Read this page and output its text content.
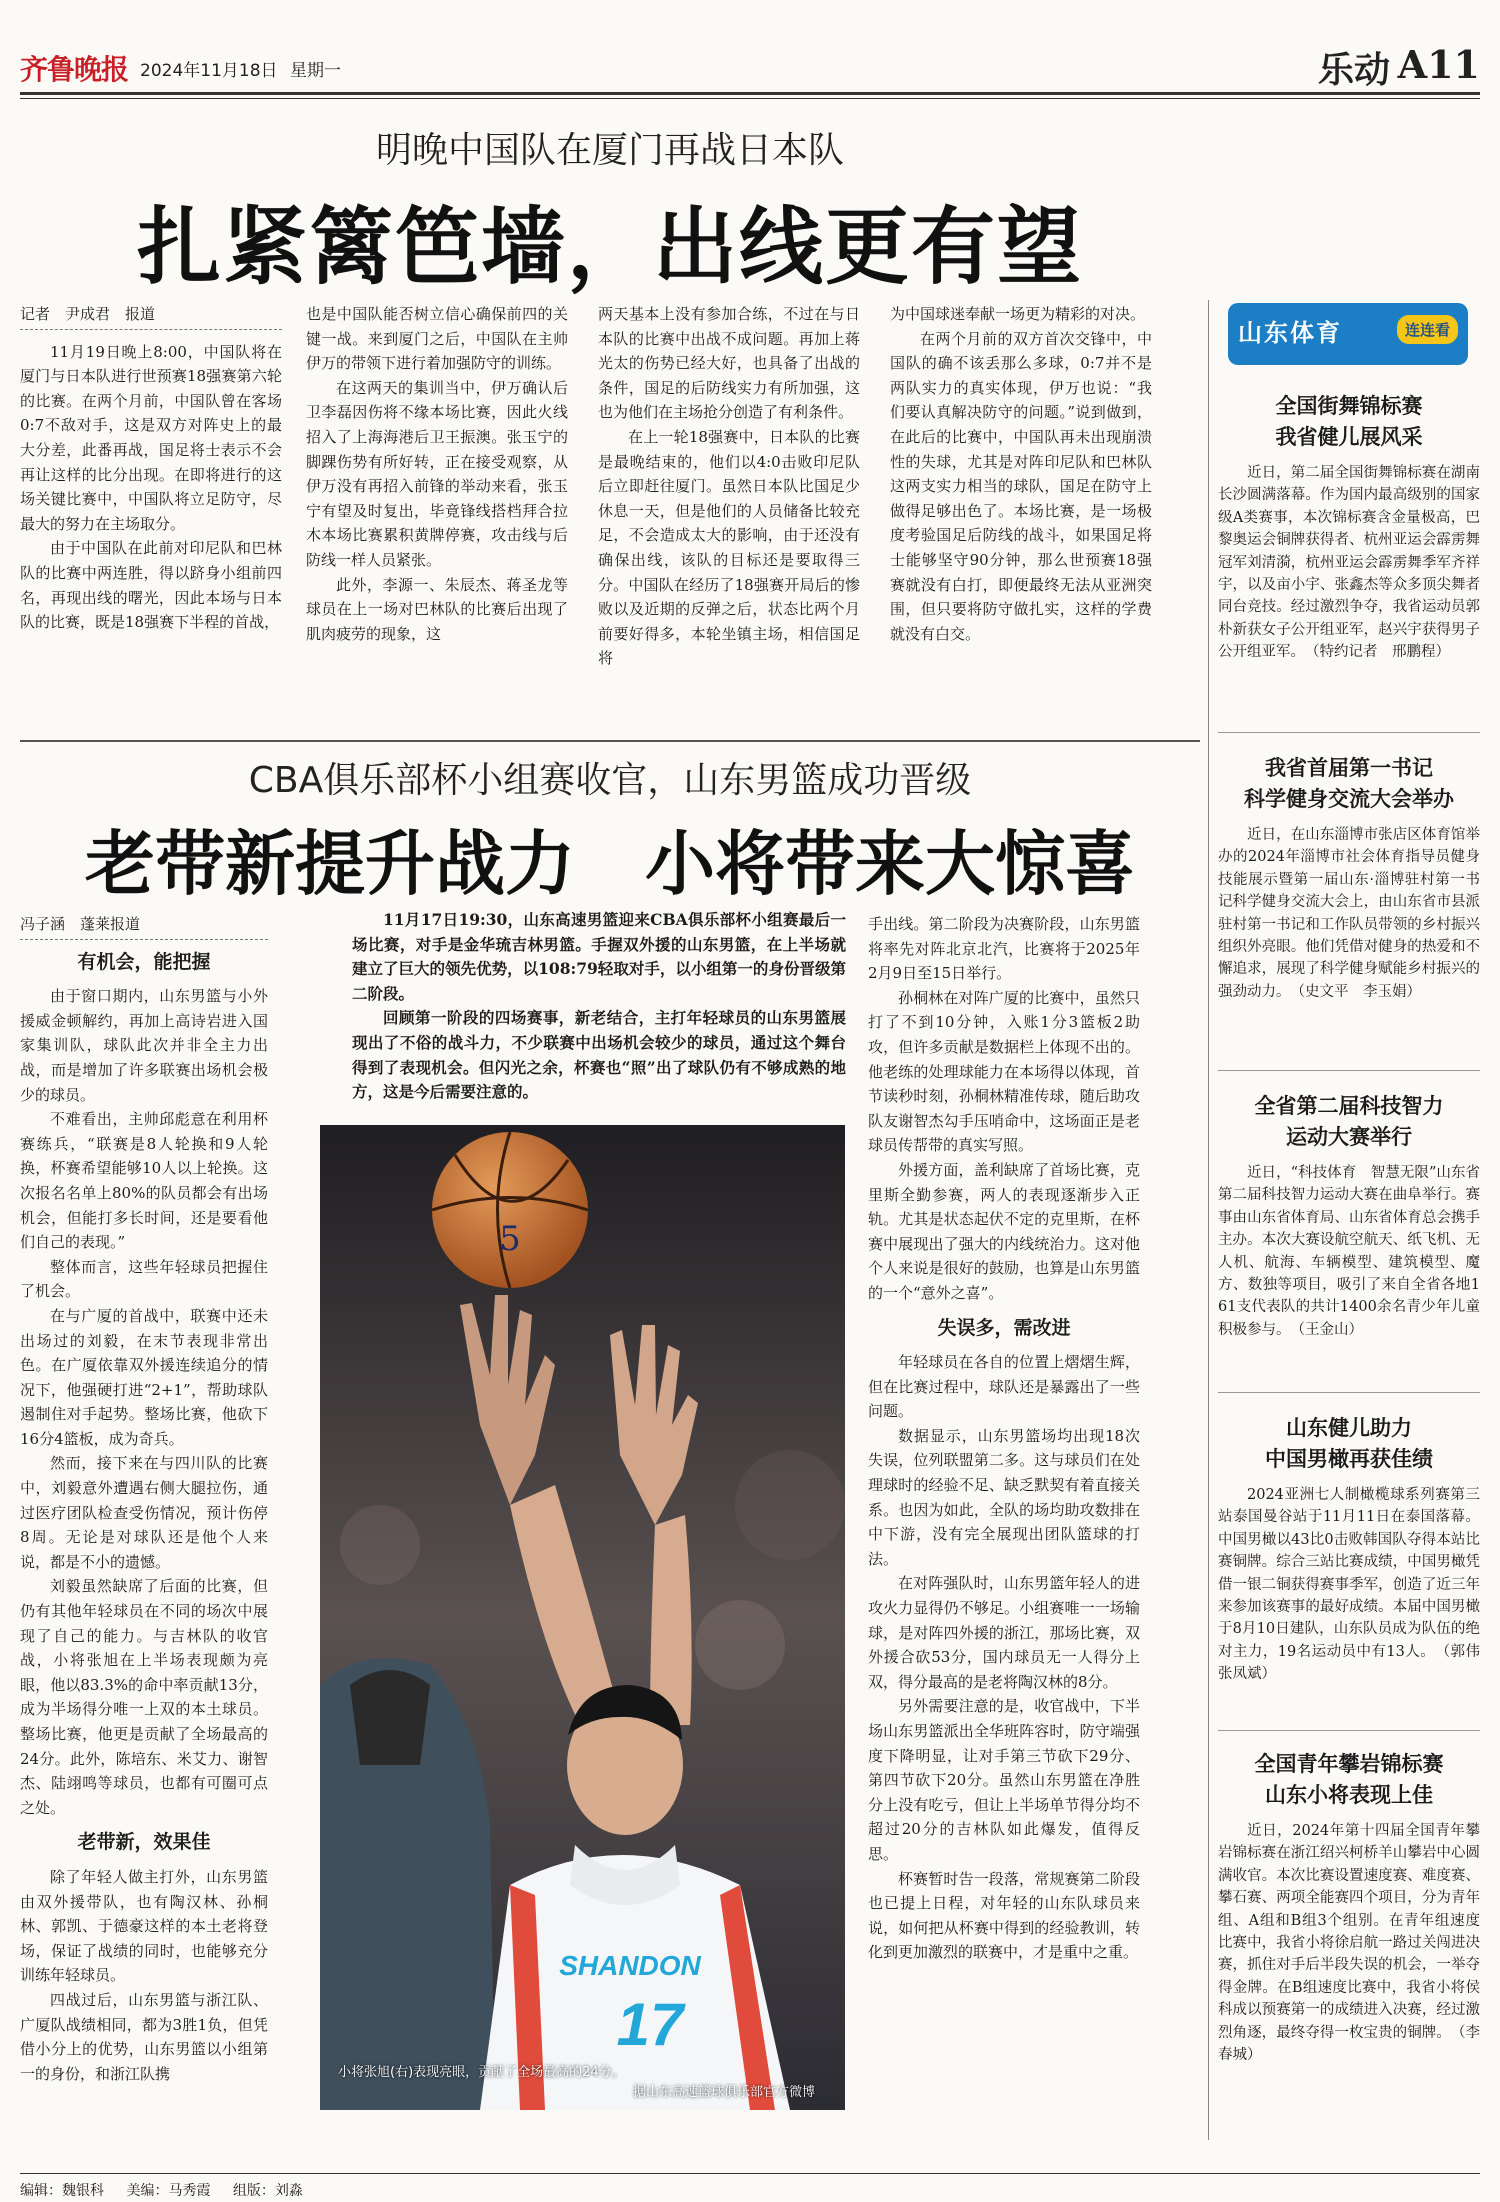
齐鲁晚报 2024年11月18日 星期一	乐动 A11
明晚中国队在厦门再战日本队
扎紧篱笆墙，出线更有望
记者　尹成君　报道

11月19日晚上8:00，中国队将在厦门与日本队进行世预赛18强赛第六轮的比赛。在两个月前，中国队曾在客场0:7不敌对手，这是双方对阵史上的最大分差，此番再战，国足将士表示不会再让这样的比分出现。在即将进行的这场关键比赛中，中国队将立足防守，尽最大的努力在主场取分。

由于中国队在此前对印尼队和巴林队的比赛中两连胜，得以跻身小组前四名，再现出线的曙光，因此本场与日本队的比赛，既是18强赛下半程的首战，

也是中国队能否树立信心确保前四的关键一战。来到厦门之后，中国队在主帅伊万的带领下进行着加强防守的训练。

在这两天的集训当中，伊万确认后卫李磊因伤将不缘本场比赛，因此火线招入了上海海港后卫王振澳。张玉宁的脚踝伤势有所好转，正在接受观察，从伊万没有再招入前锋的举动来看，张玉宁有望及时复出，毕竟锋线搭档拜合拉木本场比赛累积黄牌停赛，攻击线与后防线一样人员紧张。

此外，李源一、朱辰杰、蒋圣龙等球员在上一场对巴林队的比赛后出现了肌肉疲劳的现象，这

两天基本上没有参加合练，不过在与日本队的比赛中出战不成问题。再加上蒋光太的伤势已经大好，也具备了出战的条件，国足的后防线实力有所加强，这也为他们在主场抢分创造了有利条件。

在上一轮18强赛中，日本队的比赛是最晚结束的，他们以4:0击败印尼队后立即赶往厦门。虽然日本队比国足少休息一天，但是他们的人员储备比较充足，不会造成太大的影响，由于还没有确保出线，该队的目标还是要取得三分。中国队在经历了18强赛开局后的惨败以及近期的反弹之后，状态比两个月前要好得多，本轮坐镇主场，相信国足将

为中国球迷奉献一场更为精彩的对决。

在两个月前的双方首次交锋中，中国队的确不该丢那么多球，0:7并不是两队实力的真实体现，伊万也说：“我们要认真解决防守的问题。”说到做到，在此后的比赛中，中国队再未出现崩溃性的失球，尤其是对阵印尼队和巴林队这两支实力相当的球队，国足在防守上做得足够出色了。本场比赛，是一场极度考验国足后防线的战斗，如果国足将士能够坚守90分钟，那么世预赛18强赛就没有白打，即便最终无法从亚洲突围，但只要将防守做扎实，这样的学费就没有白交。

CBA俱乐部杯小组赛收官，山东男篮成功晋级
老带新提升战力　小将带来大惊喜
冯子涵　蓬莱报道
有机会，能把握

由于窗口期内，山东男篮与小外援威金顿解约，再加上高诗岩进入国家集训队，球队此次并非全主力出战，而是增加了许多联赛出场机会极少的球员。

不难看出，主帅邱彪意在利用杯赛练兵，“联赛是8人轮换和9人轮换，杯赛希望能够10人以上轮换。这次报名名单上80%的队员都会有出场机会，但能打多长时间，还是要看他们自己的表现。”

整体而言，这些年轻球员把握住了机会。

在与广厦的首战中，联赛中还未出场过的刘毅，在末节表现非常出色。在广厦依靠双外援连续追分的情况下，他强硬打进“2+1”，帮助球队遏制住对手起势。整场比赛，他砍下16分4篮板，成为奇兵。

然而，接下来在与四川队的比赛中，刘毅意外遭遇右侧大腿拉伤，通过医疗团队检查受伤情况，预计伤停8周。无论是对球队还是他个人来说，都是不小的遗憾。

刘毅虽然缺席了后面的比赛，但仍有其他年轻球员在不同的场次中展现了自己的能力。与吉林队的收官战，小将张旭在上半场表现颇为亮眼，他以83.3%的命中率贡献13分，成为半场得分唯一上双的本土球员。整场比赛，他更是贡献了全场最高的24分。此外，陈培东、米艾力、谢智杰、陆翊鸣等球员，也都有可圈可点之处。

老带新，效果佳

除了年轻人做主打外，山东男篮由双外援带队，也有陶汉林、孙桐林、郭凯、于德豪这样的本土老将登场，保证了战绩的同时，也能够充分训练年轻球员。

四战过后，山东男篮与浙江队、广厦队战绩相同，都为3胜1负，但凭借小分上的优势，山东男篮以小组第一的身份，和浙江队携

11月17日19:30，山东高速男篮迎来CBA俱乐部杯小组赛最后一场比赛，对手是金华琉吉林男篮。手握双外援的山东男篮，在上半场就建立了巨大的领先优势，以108:79轻取对手，以小组第一的身份晋级第二阶段。

回顾第一阶段的四场赛事，新老结合，主打年轻球员的山东男篮展现出了不俗的战斗力，不少联赛中出场机会较少的球员，通过这个舞台得到了表现机会。但闪光之余，杯赛也“照”出了球队仍有不够成熟的地方，这是今后需要注意的。

5
SHANDON
17
小将张旭(右)表现亮眼，贡献了全场最高的24分。
据山东高速篮球俱乐部官方微博

手出线。第二阶段为决赛阶段，山东男篮将率先对阵北京北汽，比赛将于2025年2月9日至15日举行。

孙桐林在对阵广厦的比赛中，虽然只打了不到10分钟，入账1分3篮板2助攻，但许多贡献是数据栏上体现不出的。他老练的处理球能力在本场得以体现，首节读秒时刻，孙桐林精准传球，随后助攻队友谢智杰勾手压哨命中，这场面正是老球员传帮带的真实写照。

外援方面，盖利缺席了首场比赛，克里斯全勤参赛，两人的表现逐渐步入正轨。尤其是状态起伏不定的克里斯，在杯赛中展现出了强大的内线统治力。这对他个人来说是很好的鼓励，也算是山东男篮的一个“意外之喜”。

失误多，需改进

年轻球员在各自的位置上熠熠生辉，但在比赛过程中，球队还是暴露出了一些问题。

数据显示，山东男篮场均出现18次失误，位列联盟第二多。这与球员们在处理球时的经验不足、缺乏默契有着直接关系。也因为如此，全队的场均助攻数排在中下游，没有完全展现出团队篮球的打法。

在对阵强队时，山东男篮年轻人的进攻火力显得仍不够足。小组赛唯一一场输球，是对阵四外援的浙江，那场比赛，双外援合砍53分，国内球员无一人得分上双，得分最高的是老将陶汉林的8分。

另外需要注意的是，收官战中，下半场山东男篮派出全华班阵容时，防守端强度下降明显，让对手第三节砍下29分、第四节砍下20分。虽然山东男篮在净胜分上没有吃亏，但让上半场单节得分均不超过20分的吉林队如此爆发，值得反思。

杯赛暂时告一段落，常规赛第二阶段也已提上日程，对年轻的山东队球员来说，如何把从杯赛中得到的经验教训，转化到更加激烈的联赛中，才是重中之重。

山东体育	连连看
全国街舞锦标赛
我省健儿展风采
近日，第二届全国街舞锦标赛在湖南长沙圆满落幕。作为国内最高级别的国家级A类赛事，本次锦标赛含金量极高，巴黎奥运会铜牌获得者、杭州亚运会霹雳舞冠军刘清漪，杭州亚运会霹雳舞季军齐祥宇，以及亩小宇、张鑫杰等众多顶尖舞者同台竞技。经过激烈争夺，我省运动员郭朴新获女子公开组亚军，赵兴宇获得男子公开组亚军。　（特约记者　邢鹏程）
我省首届第一书记
科学健身交流大会举办
近日，在山东淄博市张店区体育馆举办的2024年淄博市社会体育指导员健身技能展示暨第一届山东·淄博驻村第一书记科学健身交流大会上，由山东省市县派驻村第一书记和工作队员带领的乡村振兴组织外亮眼。他们凭借对健身的热爱和不懈追求，展现了科学健身赋能乡村振兴的强劲动力。　（史文平　李玉娟）
全省第二届科技智力
运动大赛举行
近日，“科技体育　智慧无限”山东省第二届科技智力运动大赛在曲阜举行。赛事由山东省体育局、山东省体育总会携手主办。本次大赛设航空航天、纸飞机、无人机、航海、车辆模型、建筑模型、魔方、数独等项目，吸引了来自全省各地161支代表队的共计1400余名青少年儿童积极参与。　（王金山）
山东健儿助力
中国男橄再获佳绩
2024亚洲七人制橄榄球系列赛第三站泰国曼谷站于11月11日在泰国落幕。中国男橄以43比0击败韩国队夺得本站比赛铜牌。综合三站比赛成绩，中国男橄凭借一银二铜获得赛事季军，创造了近三年来参加该赛事的最好成绩。本届中国男橄于8月10日建队，山东队员成为队伍的绝对主力，19名运动员中有13人。　（郭伟　张凤斌）
全国青年攀岩锦标赛
山东小将表现上佳
近日，2024年第十四届全国青年攀岩锦标赛在浙江绍兴柯桥羊山攀岩中心圆满收官。本次比赛设置速度赛、难度赛、攀石赛、两项全能赛四个项目，分为青年组、A组和B组3个组别。在青年组速度比赛中，我省小将徐启航一路过关闯进决赛，抓住对手后半段失误的机会，一举夺得金牌。在B组速度比赛中，我省小将侯科成以预赛第一的成绩进入决赛，经过激烈角逐，最终夺得一枚宝贵的铜牌。　（李春城）
编辑：魏银科 美编：马秀霞 组版：刘淼
